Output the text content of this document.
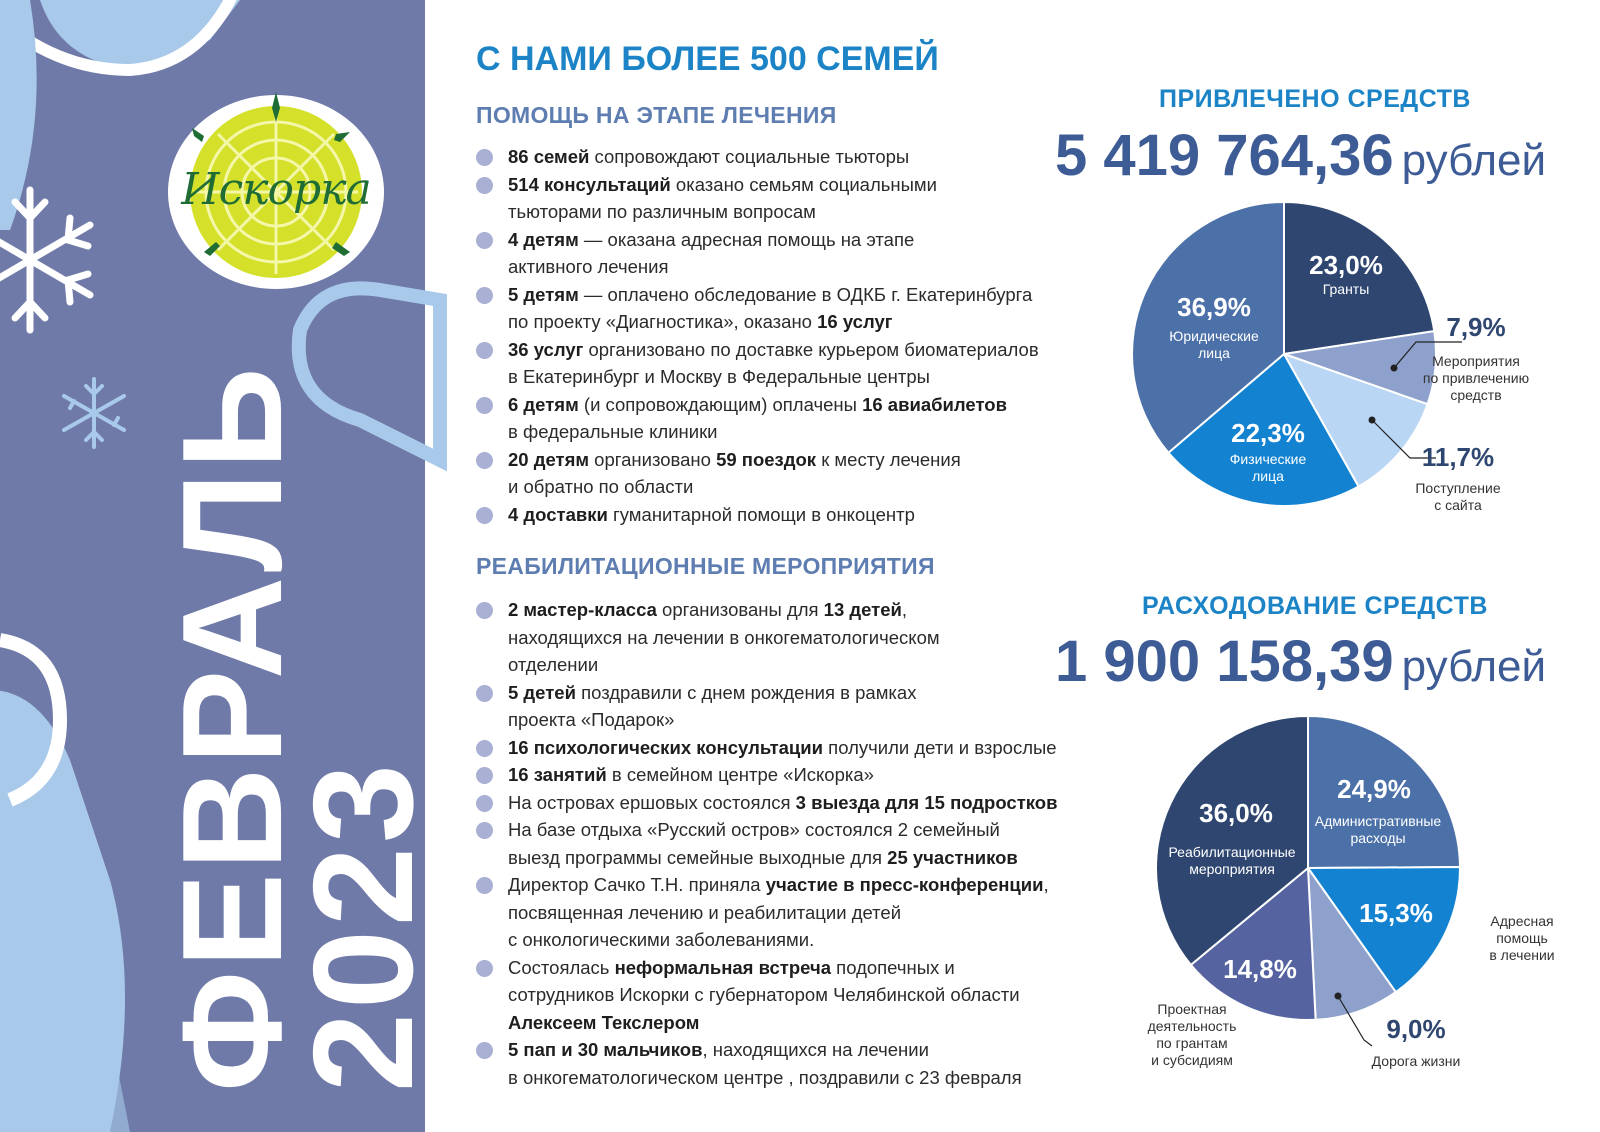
Искорка
ФЕВРАЛЬ
2023
С НАМИ БОЛЕЕ 500 СЕМЕЙ
ПОМОЩЬ НА ЭТАПЕ ЛЕЧЕНИЯ
86 семей сопровождают социальные тьюторы
514 консультаций оказано семьям социальными
тьюторами по различным вопросам
4 детям — оказана адресная помощь на этапе
активного лечения
5 детям — оплачено обследование в ОДКБ г. Екатеринбурга
по проекту «Диагностика», оказано 16 услуг
36 услуг организовано по доставке курьером биоматериалов
в Екатеринбург и Москву в Федеральные центры
6 детям (и сопровождающим) оплачены 16 авиабилетов
в федеральные клиники
20 детям организовано 59 поездок к месту лечения
и обратно по области
4 доставки гуманитарной помощи в онкоцентр
РЕАБИЛИТАЦИОННЫЕ МЕРОПРИЯТИЯ
2 мастер-класса организованы для 13 детей,
находящихся на лечении в онкогематологическом
отделении
5 детей поздравили с днем рождения в рамках
проекта «Подарок»
16 психологических консультации получили дети и взрослые
16 занятий в семейном центре «Искорка»
На островах ершовых состоялся 3 выезда для 15 подростков
На базе отдыха «Русский остров» состоялся 2 семейный
выезд программы семейные выходные для 25 участников
Директор Сачко Т.Н. приняла участие в пресс-конференции,
посвященная лечению и реабилитации детей
с онкологическими заболеваниями.
Состоялась неформальная встреча подопечных и
сотрудников Искорки с губернатором Челябинской области
Алексеем Текслером
5 пап и 30 мальчиков, находящихся на лечении
в онкогематологическом центре , поздравили с 23 февраля
ПРИВЛЕЧЕНО СРЕДСТВ
5 419 764,36 рублей
23,0%
Гранты
7,9%
Мероприятия
по привлечению
средств
11,7%
Поступление
с сайта
22,3%
Физические
лица
36,9%
Юридические
лица
РАСХОДОВАНИЕ СРЕДСТВ
1 900 158,39 рублей
24,9%
Административные
расходы
15,3%	Адресная
помощь
в лечении
9,0%
Дорога жизни
14,8%
Проектная
деятельность
по грантам
и субсидиям
36,0%
Реабилитационные
мероприятия
